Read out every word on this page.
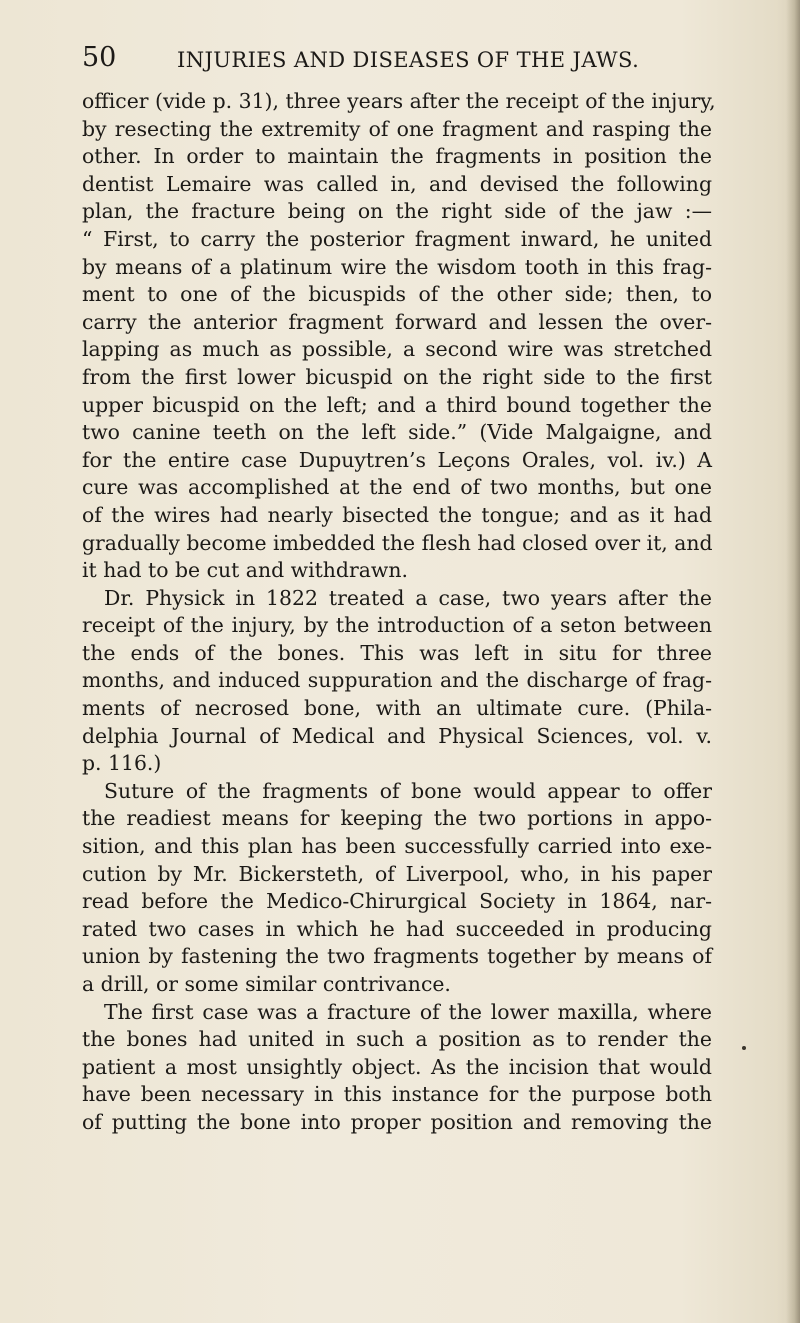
50	INJURIES AND DISEASES OF THE JAWS.
officer (vide p. 31), three years after the receipt of the injury,
by resecting the extremity of one fragment and rasping the
other. In order to maintain the fragments in position the
dentist Lemaire was called in, and devised the following
plan, the fracture being on the right side of the jaw :—
“ First, to carry the posterior fragment inward, he united
by means of a platinum wire the wisdom tooth in this frag-
ment to one of the bicuspids of the other side; then, to
carry the anterior fragment forward and lessen the over-
lapping as much as possible, a second wire was stretched
from the first lower bicuspid on the right side to the first
upper bicuspid on the left; and a third bound together the
two canine teeth on the left side.” (Vide Malgaigne, and
for the entire case Dupuytren’s Leçons Orales, vol. iv.) A
cure was accomplished at the end of two months, but one
of the wires had nearly bisected the tongue; and as it had
gradually become imbedded the flesh had closed over it, and
it had to be cut and withdrawn.
Dr. Physick in 1822 treated a case, two years after the
receipt of the injury, by the introduction of a seton between
the ends of the bones. This was left in situ for three
months, and induced suppuration and the discharge of frag-
ments of necrosed bone, with an ultimate cure. (Phila-
delphia Journal of Medical and Physical Sciences, vol. v.
p. 116.)
Suture of the fragments of bone would appear to offer
the readiest means for keeping the two portions in appo-
sition, and this plan has been successfully carried into exe-
cution by Mr. Bickersteth, of Liverpool, who, in his paper
read before the Medico-Chirurgical Society in 1864, nar-
rated two cases in which he had succeeded in producing
union by fastening the two fragments together by means of
a drill, or some similar contrivance.
The first case was a fracture of the lower maxilla, where
the bones had united in such a position as to render the
patient a most unsightly object. As the incision that would
have been necessary in this instance for the purpose both
of putting the bone into proper position and removing the
